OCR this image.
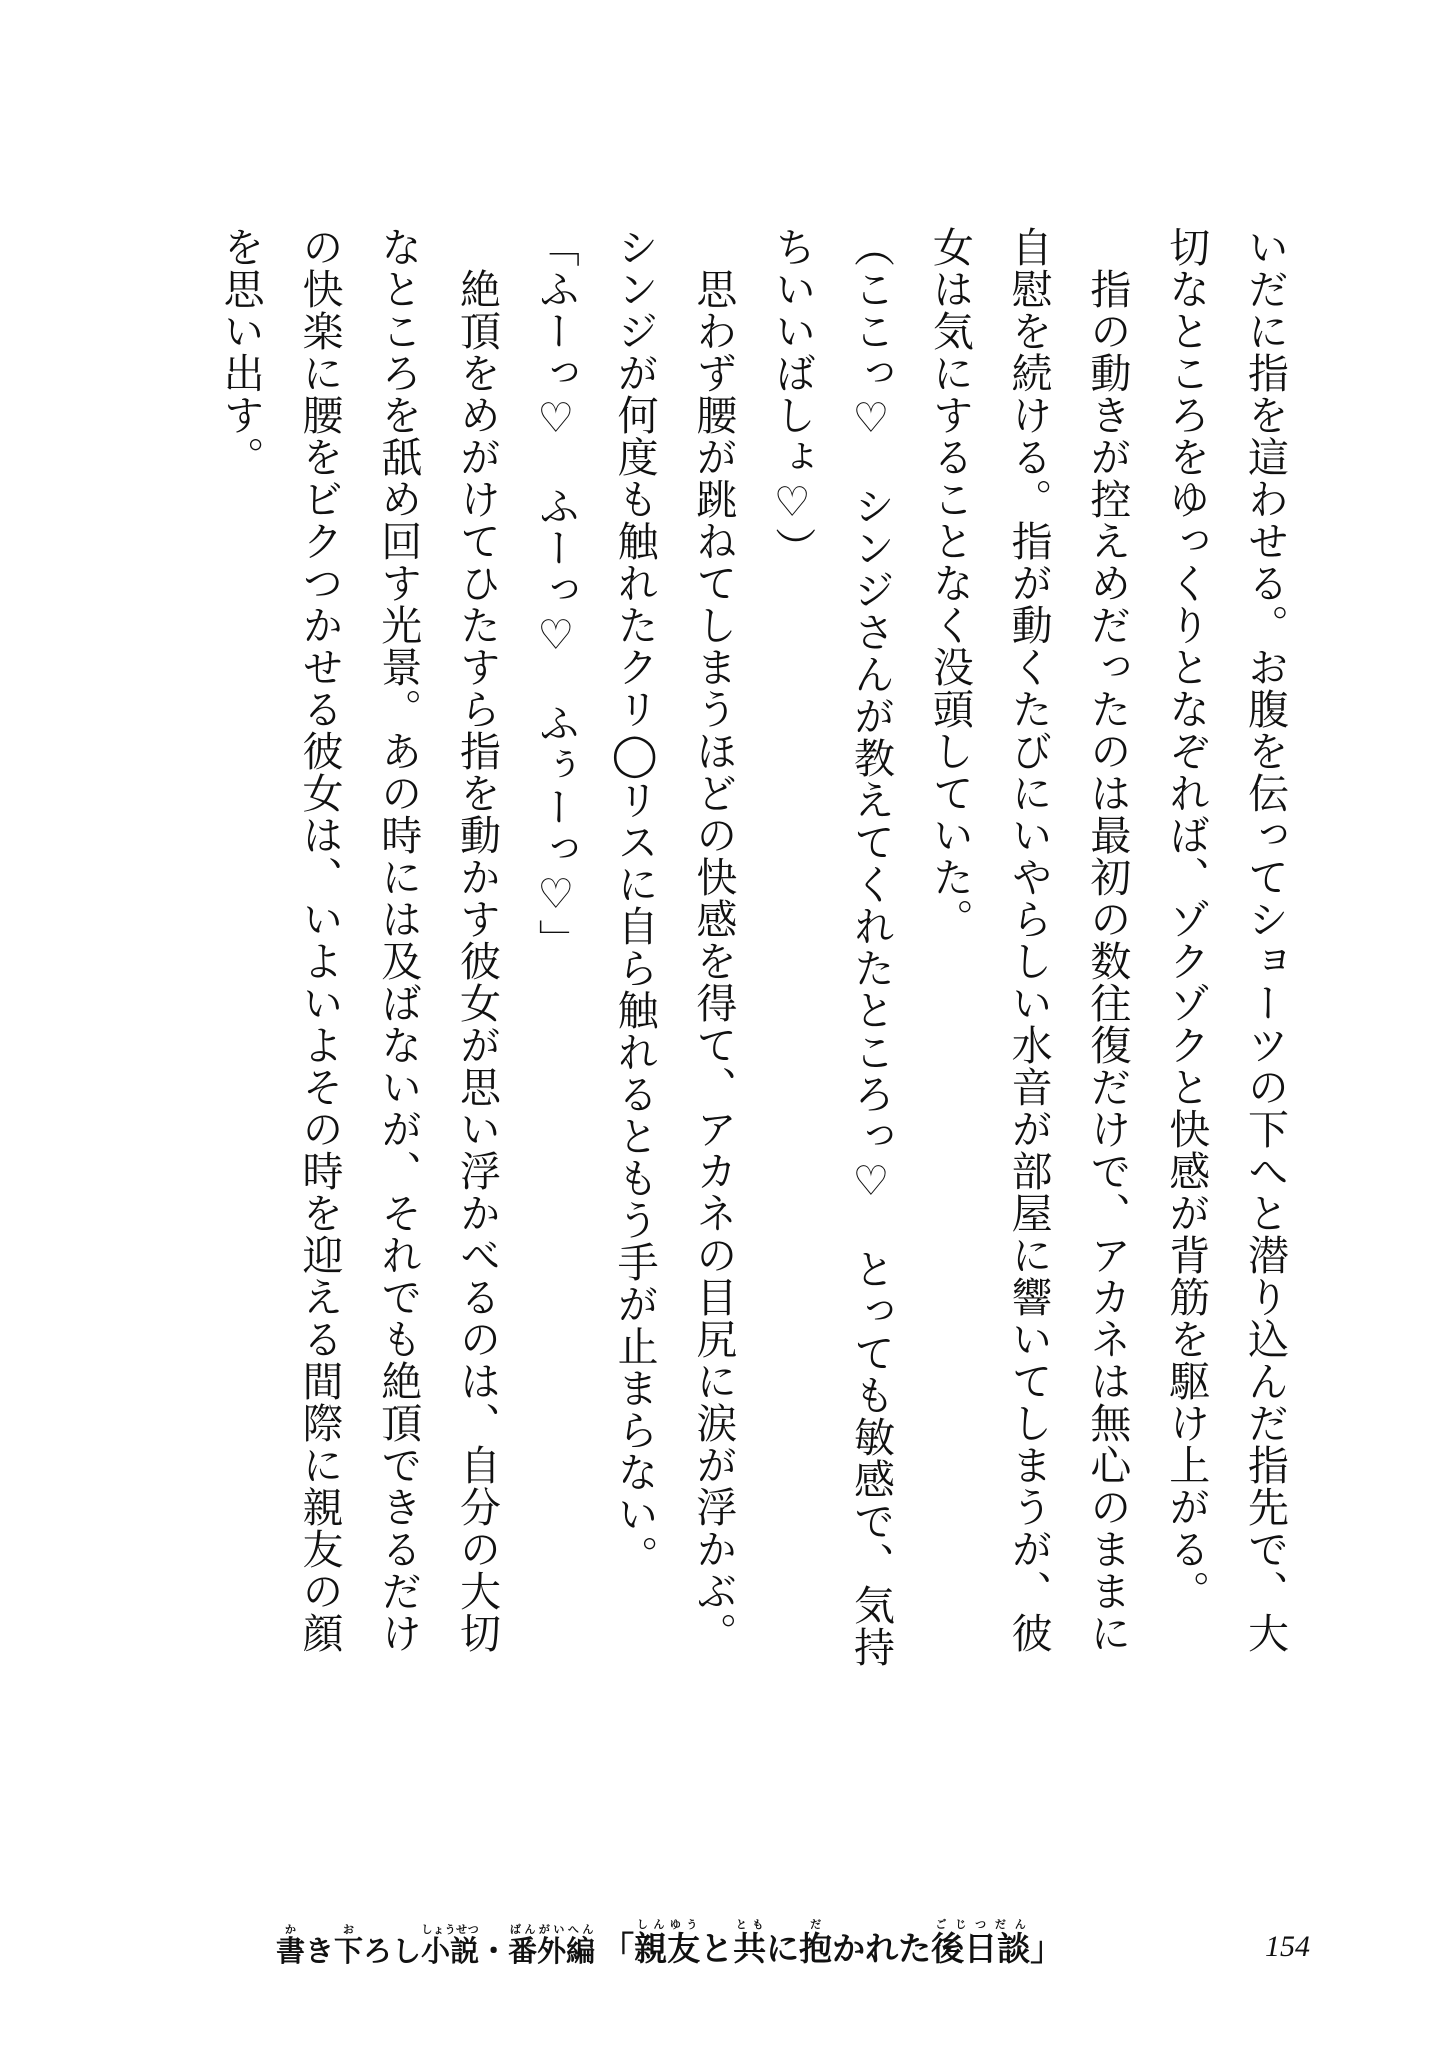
いだに指を這わせる。お腹を伝ってショーツの下へと潜り込んだ指先で、大
切なところをゆっくりとなぞれば、ゾクゾクと快感が背筋を駆け上がる。
　指の動きが控えめだったのは最初の数往復だけで、アカネは無心のままに
自慰を続ける。指が動くたびにいやらしい水音が部屋に響いてしまうが、彼
女は気にすることなく没頭していた。
（ここっ♡　シンジさんが教えてくれたところっ♡　とっても敏感で、気持
ちいいばしょ♡）
　思わず腰が跳ねてしまうほどの快感を得て、アカネの目尻に涙が浮かぶ。
シンジが何度も触れたクリ◯リスに自ら触れるともう手が止まらない。
「ふーっ♡　ふーっ♡　ふぅーっ♡」
　絶頂をめがけてひたすら指を動かす彼女が思い浮かべるのは、自分の大切
なところを舐め回す光景。あの時には及ばないが、それでも絶頂できるだけ
の快楽に腰をビクつかせる彼女は、いよいよその時を迎える間際に親友の顔
を思い出す。
書かき下おろし小説しょうせつ・番外編ばんがいへん 「親友しんゆうと共ともに抱だかれた後日談ごじつだん」	154
